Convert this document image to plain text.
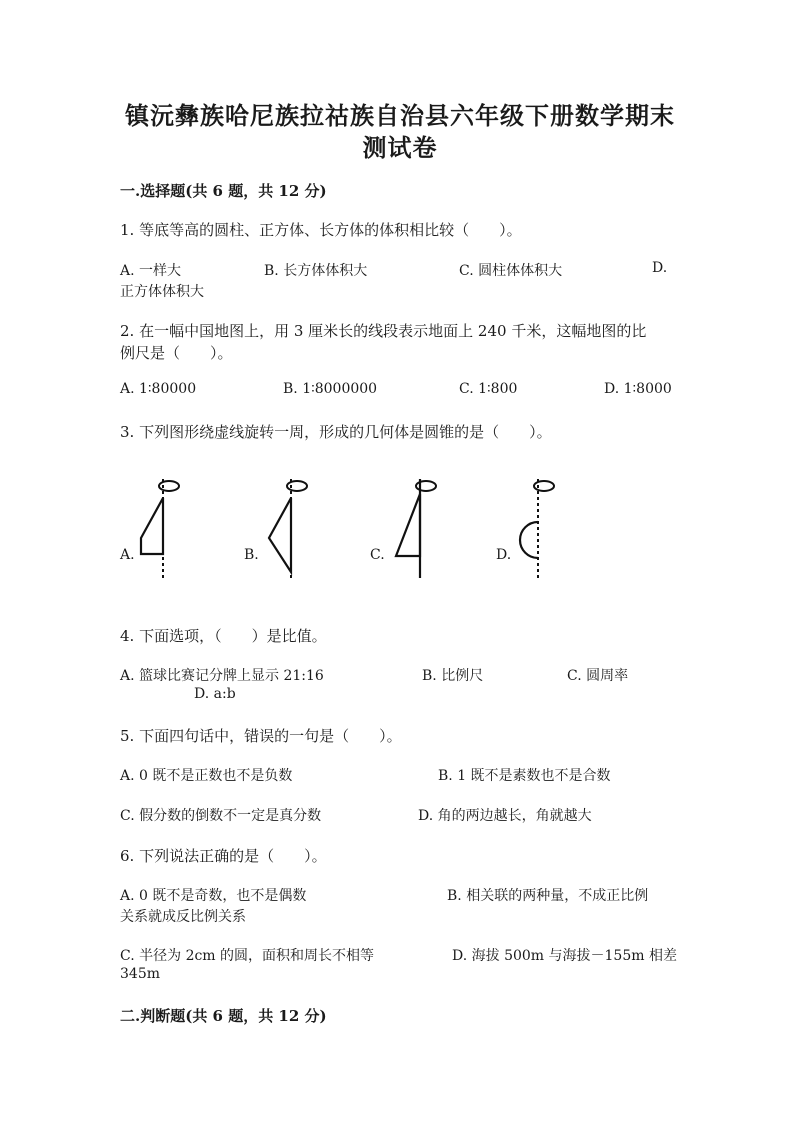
镇沅彝族哈尼族拉祜族自治县六年级下册数学期末
测试卷
一.选择题(共 6 题，共 12 分)
1. 等底等高的圆柱、正方体、长方体的体积相比较（　　）。
A. 一样大	B. 长方体体积大	C. 圆柱体体积大	D.
正方体体积大
2. 在一幅中国地图上，用 3 厘米长的线段表示地面上 240 千米，这幅地图的比
例尺是（　　）。
A. 1∶80000	B. 1∶8000000	C. 1∶800	D. 1∶8000
3. 下列图形绕虚线旋转一周，形成的几何体是圆锥的是（　　）。
A.	B.	C.	D.
4. 下面选项，（　　）是比值。
A. 篮球比赛记分牌上显示 21:16	B. 比例尺	C. 圆周率
D. a:b
5. 下面四句话中，错误的一句是（　　）。
A. 0 既不是正数也不是负数	B. 1 既不是素数也不是合数
C. 假分数的倒数不一定是真分数	D. 角的两边越长，角就越大
6. 下列说法正确的是（　　）。
A. 0 既不是奇数，也不是偶数	B. 相关联的两种量，不成正比例
关系就成反比例关系
C. 半径为 2cm 的圆，面积和周长不相等	D. 海拔 500m 与海拔－155m 相差
345m
二.判断题(共 6 题，共 12 分)
